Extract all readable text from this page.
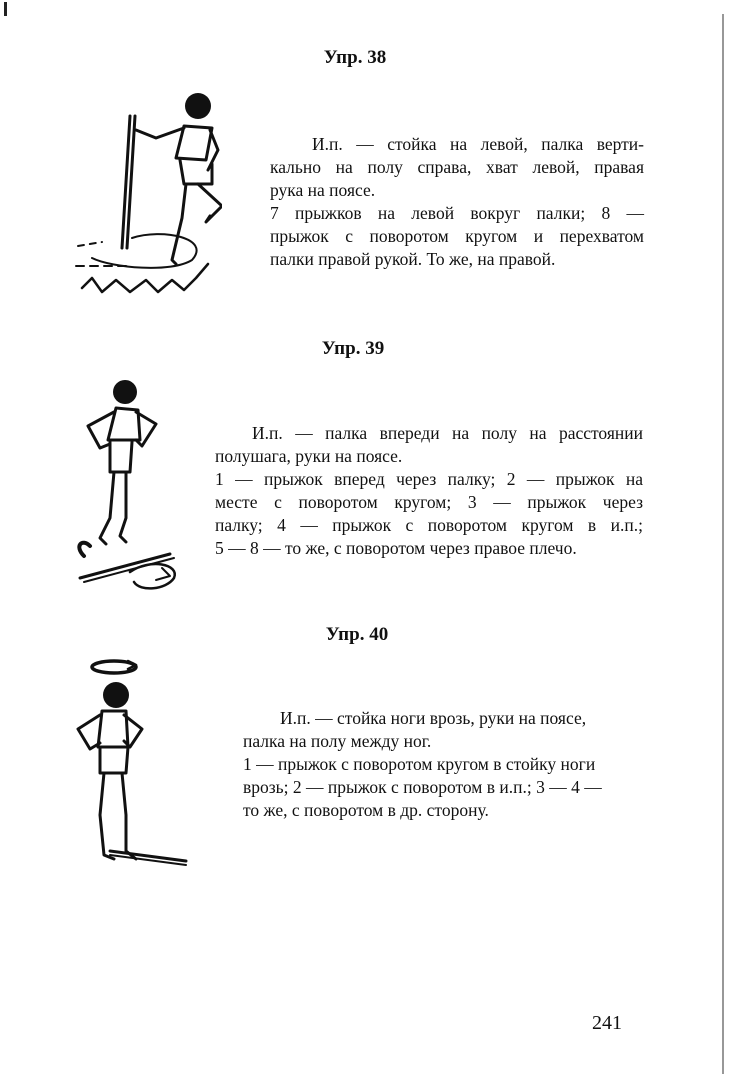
Упр. 38
И.п. — стойка на левой, палка верти-
кально на полу справа, хват левой, правая
рука на поясе.
7 прыжков на левой вокруг палки; 8 —
прыжок с поворотом кругом и перехватом
палки правой рукой. То же, на правой.
Упр. 39
И.п. — палка впереди на полу на расстоянии
полушага, руки на поясе.
1 — прыжок вперед через палку; 2 — прыжок на
месте с поворотом кругом; 3 — прыжок через
палку; 4 — прыжок с поворотом кругом в и.п.;
5 — 8 — то же, с поворотом через правое плечо.
Упр. 40
И.п. — стойка ноги врозь, руки на поясе,
палка на полу между ног.
1 — прыжок с поворотом кругом в стойку ноги
врозь; 2 — прыжок с поворотом в и.п.; 3 — 4 —
то же, с поворотом в др. сторону.
241
